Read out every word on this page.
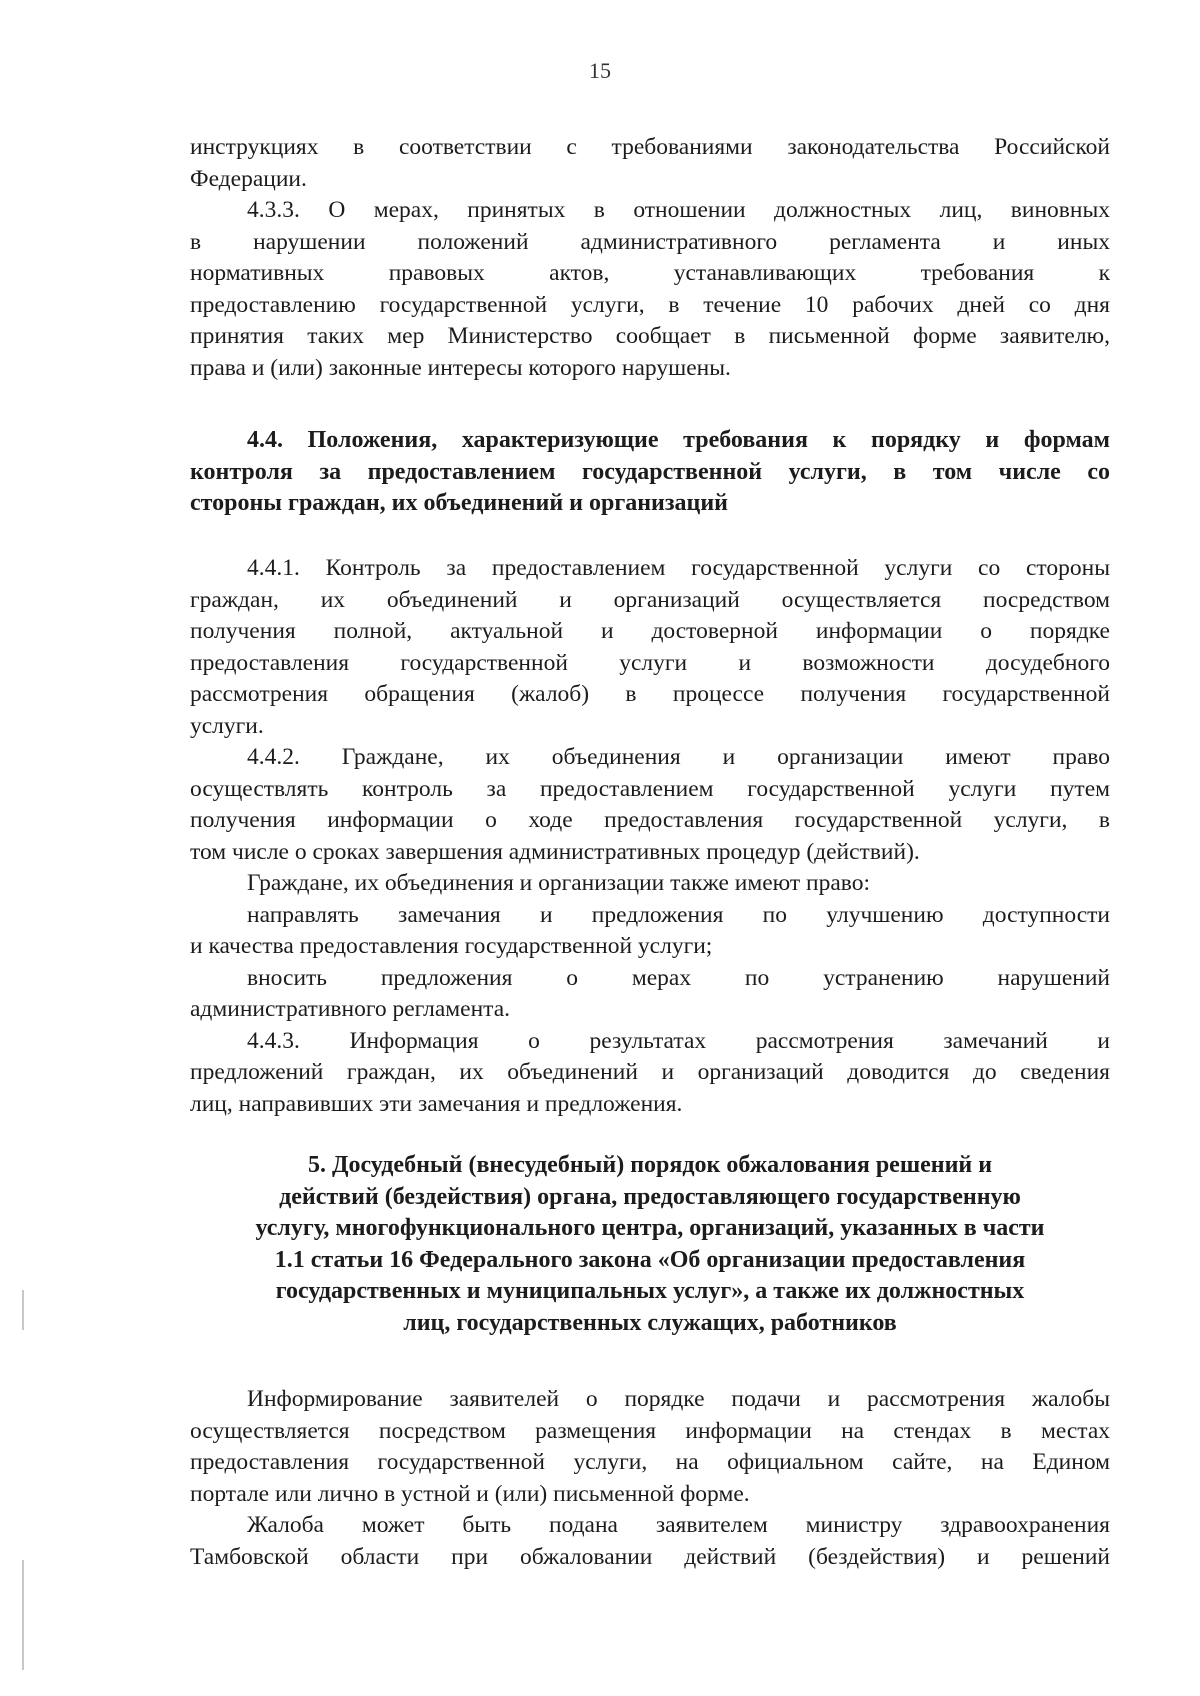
15
инструкциях в соответствии с требованиями законодательства Российской
Федерации.
4.3.3. О мерах, принятых в отношении должностных лиц, виновных
в нарушении положений административного регламента и иных
нормативных правовых актов, устанавливающих требования к
предоставлению государственной услуги, в течение 10 рабочих дней со дня
принятия таких мер Министерство сообщает в письменной форме заявителю,
права и (или) законные интересы которого нарушены.
4.4. Положения, характеризующие требования к порядку и формам
контроля за предоставлением государственной услуги, в том числе со
стороны граждан, их объединений и организаций
4.4.1. Контроль за предоставлением государственной услуги со стороны
граждан, их объединений и организаций осуществляется посредством
получения полной, актуальной и достоверной информации о порядке
предоставления государственной услуги и возможности досудебного
рассмотрения обращения (жалоб) в процессе получения государственной
услуги.
4.4.2. Граждане, их объединения и организации имеют право
осуществлять контроль за предоставлением государственной услуги путем
получения информации о ходе предоставления государственной услуги, в
том числе о сроках завершения административных процедур (действий).
Граждане, их объединения и организации также имеют право:
направлять замечания и предложения по улучшению доступности
и качества предоставления государственной услуги;
вносить предложения о мерах по устранению нарушений
административного регламента.
4.4.3. Информация о результатах рассмотрения замечаний и
предложений граждан, их объединений и организаций доводится до сведения
лиц, направивших эти замечания и предложения.
5. Досудебный (внесудебный) порядок обжалования решений и
действий (бездействия) органа, предоставляющего государственную
услугу, многофункционального центра, организаций, указанных в части
1.1 статьи 16 Федерального закона «Об организации предоставления
государственных и муниципальных услуг», а также их должностных
лиц, государственных служащих, работников
Информирование заявителей о порядке подачи и рассмотрения жалобы
осуществляется посредством размещения информации на стендах в местах
предоставления государственной услуги, на официальном сайте, на Едином
портале или лично в устной и (или) письменной форме.
Жалоба может быть подана заявителем министру здравоохранения
Тамбовской области при обжаловании действий (бездействия) и решений
